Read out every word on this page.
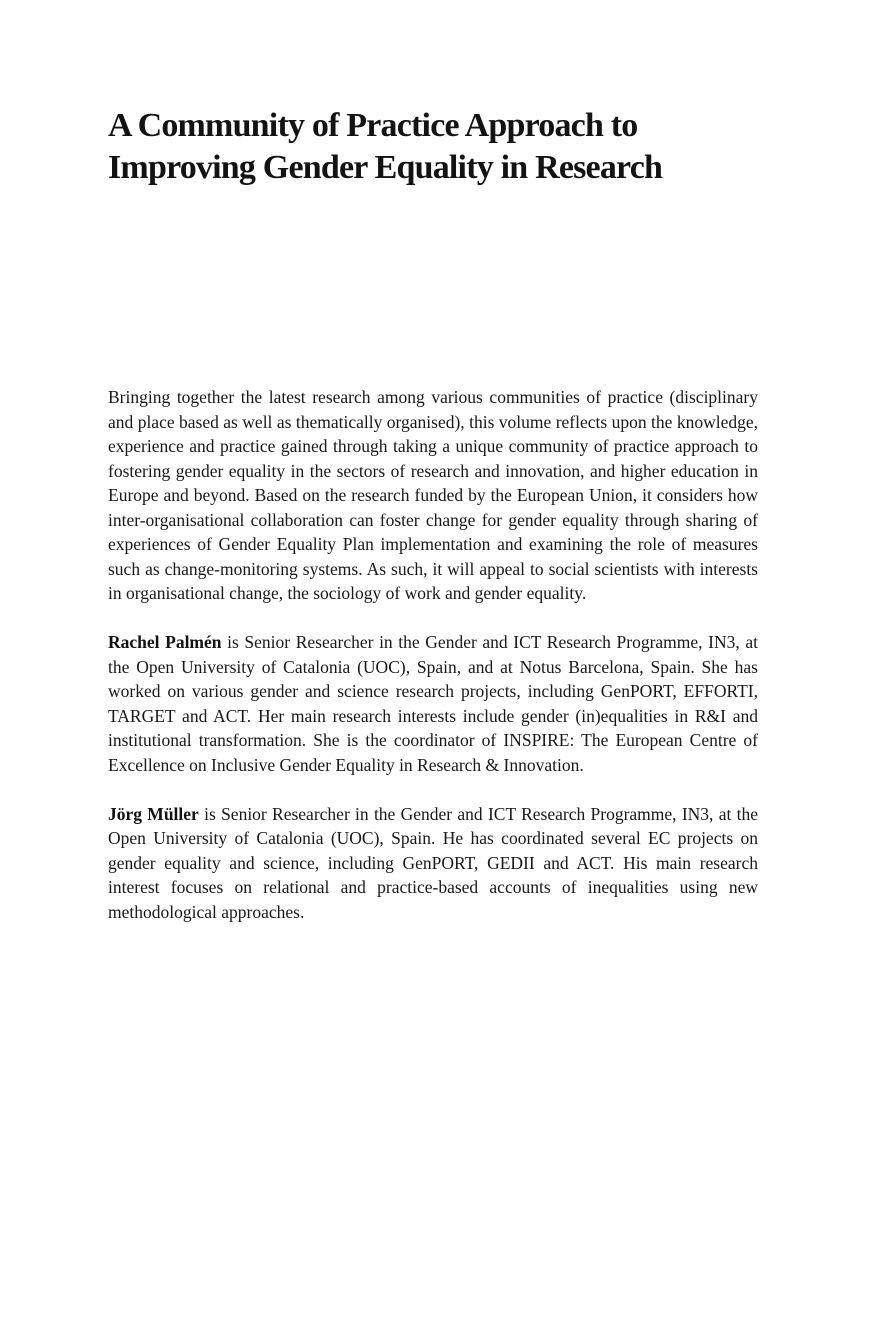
A Community of Practice Approach to
Improving Gender Equality in Research

Bringing together the latest research among various communities of practice (disciplinary and place based as well as thematically organised), this volume reflects upon the knowledge, experience and practice gained through taking a unique community of practice approach to fostering gender equality in the sectors of research and innovation, and higher education in Europe and beyond. Based on the research funded by the European Union, it considers how inter-organisational collaboration can foster change for gender equality through sharing of experiences of Gender Equality Plan implementation and examining the role of measures such as change-monitoring systems. As such, it will appeal to social scientists with interests in organisational change, the sociology of work and gender equality.

Rachel Palmén is Senior Researcher in the Gender and ICT Research Programme, IN3, at the Open University of Catalonia (UOC), Spain, and at Notus Barcelona, Spain. She has worked on various gender and science research projects, including GenPORT, EFFORTI, TARGET and ACT. Her main research interests include gender (in)equalities in R&I and institutional transformation. She is the coordinator of INSPIRE: The European Centre of Excellence on Inclusive Gender Equality in Research & Innovation.

Jörg Müller is Senior Researcher in the Gender and ICT Research Programme, IN3, at the Open University of Catalonia (UOC), Spain. He has coordinated several EC projects on gender equality and science, including GenPORT, GEDII and ACT. His main research interest focuses on relational and practice-based accounts of inequalities using new methodological approaches.
